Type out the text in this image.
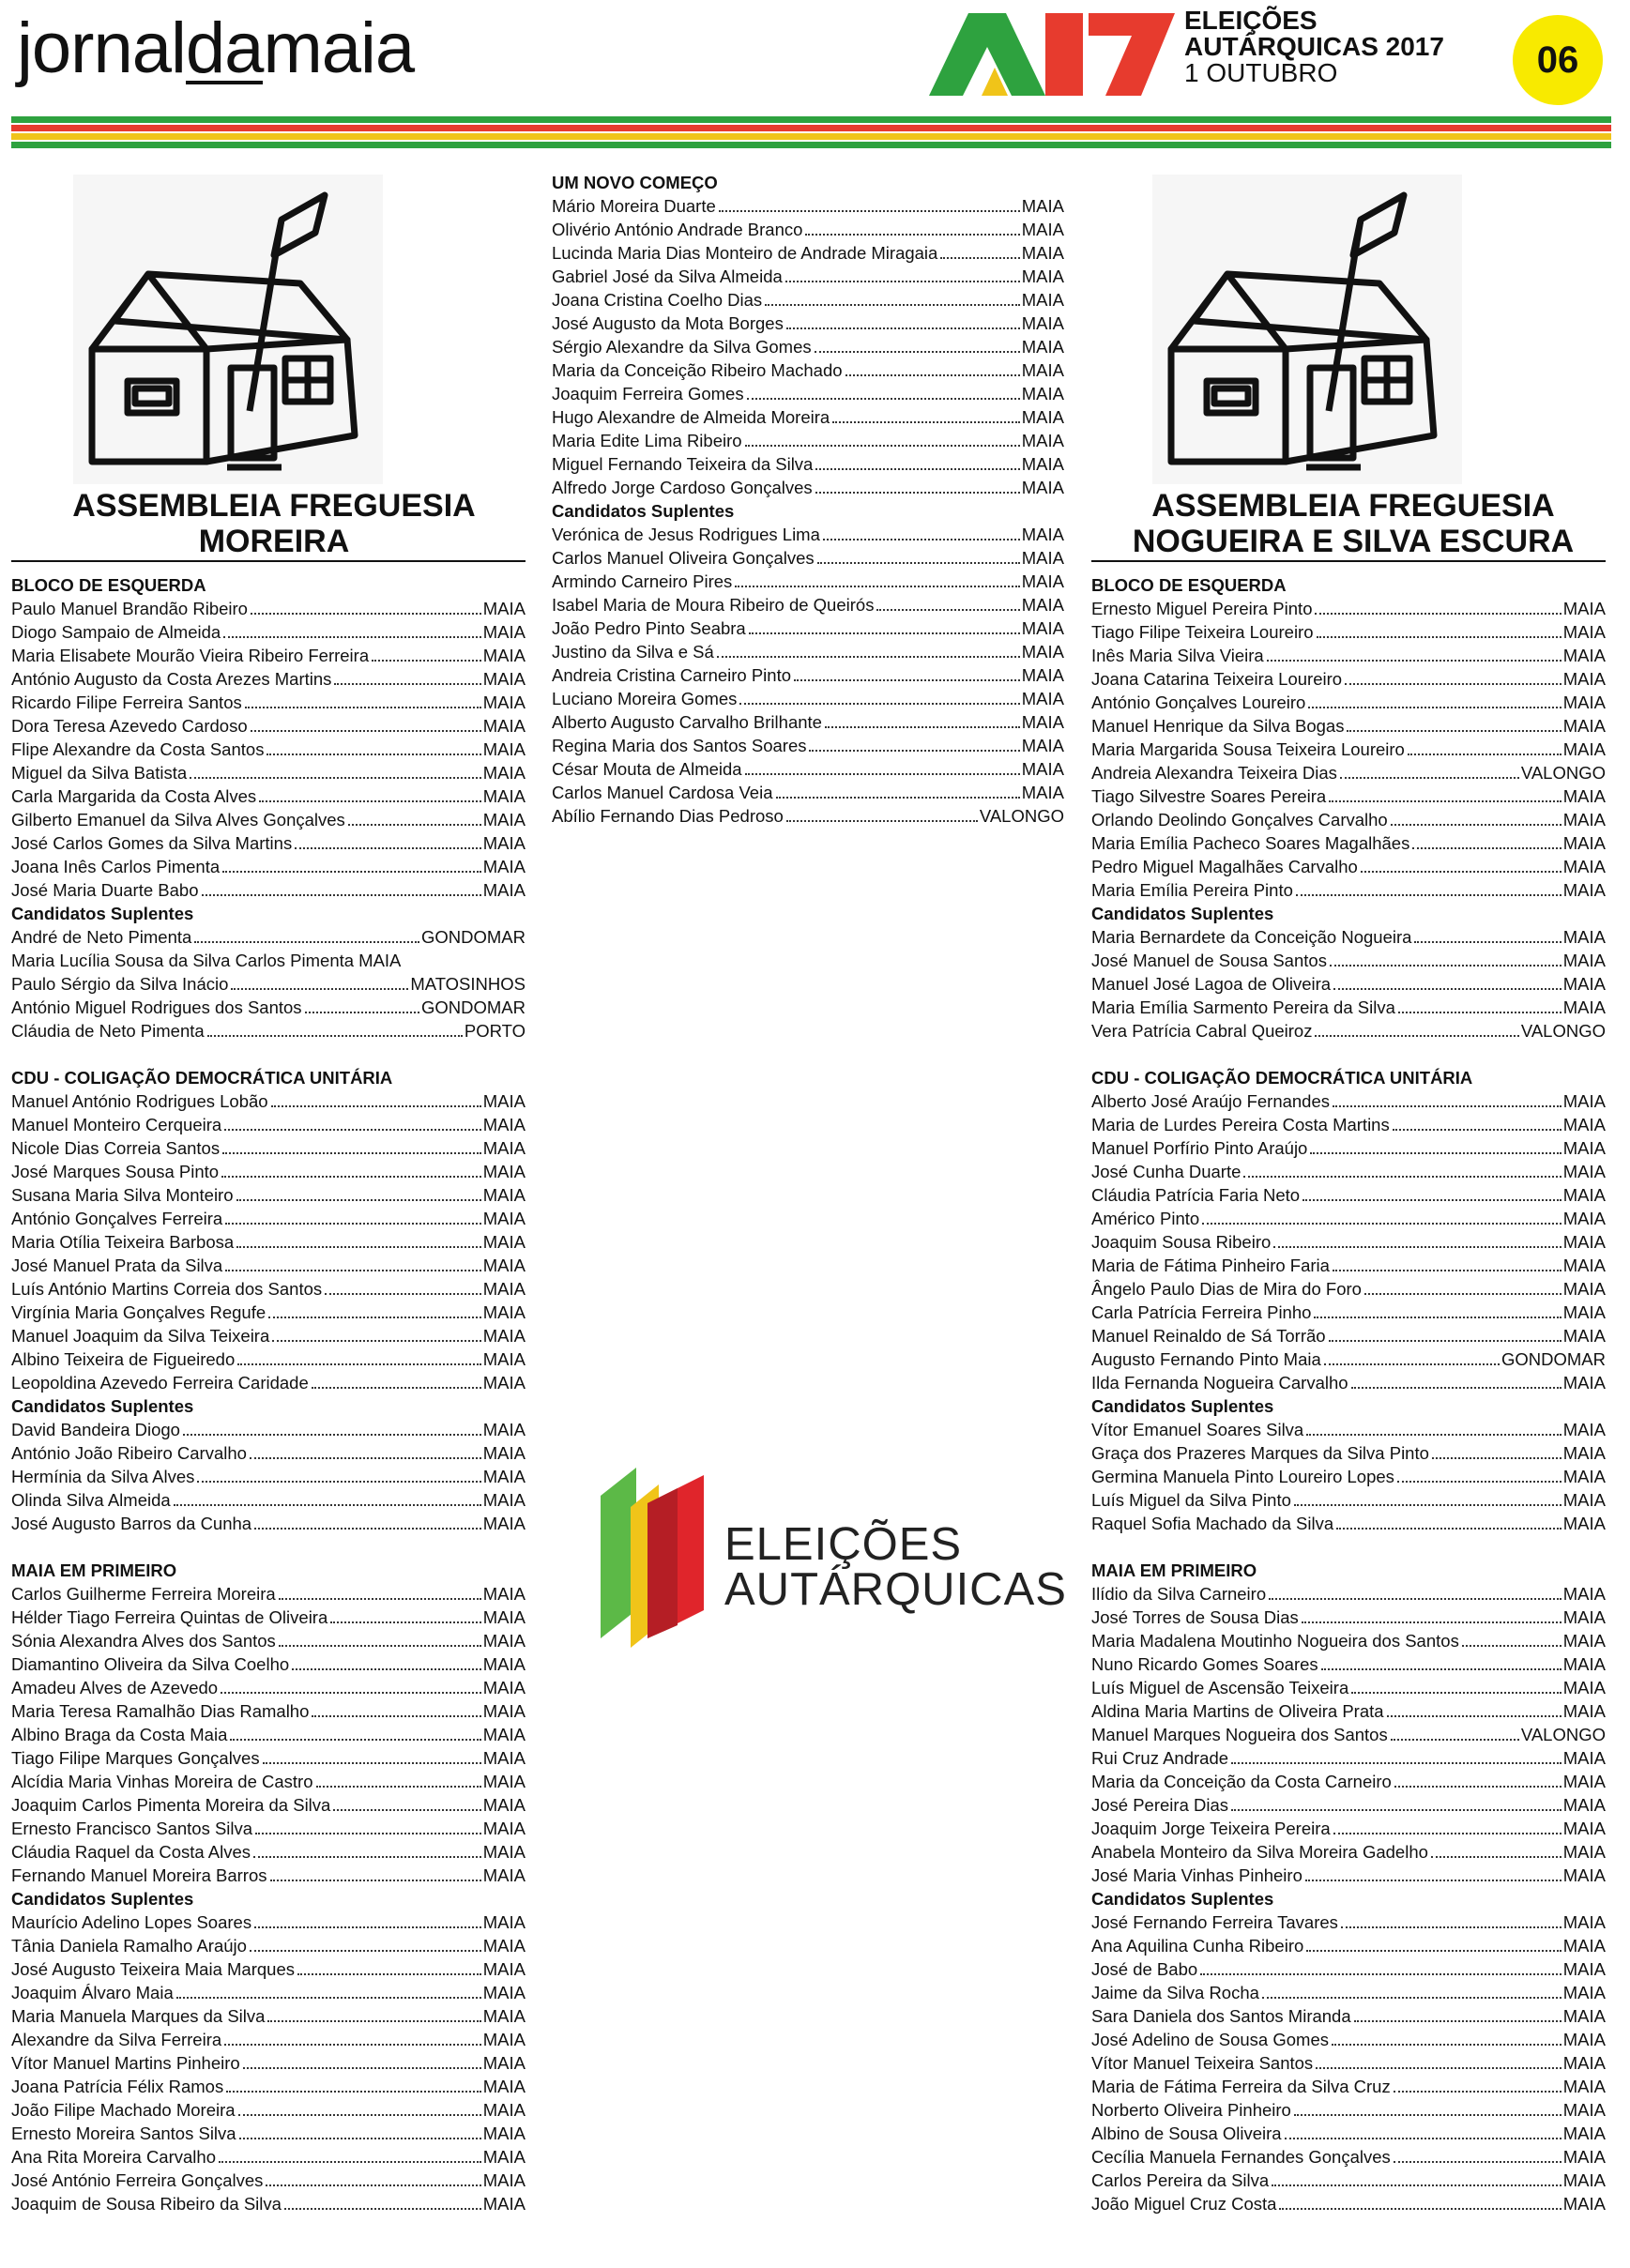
jornaldamaia	ELEIÇÕES
AUTÁRQUICAS 2017
1 OUTUBRO	06
ASSEMBLEIA FREGUESIA
MOREIRA
ASSEMBLEIA FREGUESIA
NOGUEIRA E SILVA ESCURA
BLOCO DE ESQUERDA
Paulo Manuel Brandão Ribeiro	MAIA
Diogo Sampaio de Almeida	MAIA
Maria Elisabete Mourão Vieira Ribeiro Ferreira	MAIA
António Augusto da Costa Arezes Martins	MAIA
Ricardo Filipe Ferreira Santos	MAIA
Dora Teresa Azevedo Cardoso	MAIA
Flipe Alexandre da Costa Santos	MAIA
Miguel da Silva Batista	MAIA
Carla Margarida da Costa Alves	MAIA
Gilberto Emanuel da Silva Alves Gonçalves	MAIA
José Carlos Gomes da Silva Martins	MAIA
Joana Inês Carlos Pimenta	MAIA
José Maria Duarte Babo	MAIA
Candidatos Suplentes
André de Neto Pimenta	GONDOMAR
Maria Lucília Sousa da Silva Carlos Pimenta MAIA
Paulo Sérgio da Silva Inácio	MATOSINHOS
António Miguel Rodrigues dos Santos	GONDOMAR
Cláudia de Neto Pimenta	PORTO
CDU - COLIGAÇÃO DEMOCRÁTICA UNITÁRIA
Manuel António Rodrigues Lobão	MAIA
Manuel Monteiro Cerqueira	MAIA
Nicole Dias Correia Santos	MAIA
José Marques Sousa Pinto	MAIA
Susana Maria Silva Monteiro	MAIA
António Gonçalves Ferreira	MAIA
Maria Otília Teixeira Barbosa	MAIA
José Manuel Prata da Silva	MAIA
Luís António Martins Correia dos Santos	MAIA
Virgínia Maria Gonçalves Regufe	MAIA
Manuel Joaquim da Silva Teixeira	MAIA
Albino Teixeira de Figueiredo	MAIA
Leopoldina Azevedo Ferreira Caridade	MAIA
Candidatos Suplentes
David Bandeira Diogo	MAIA
António João Ribeiro Carvalho	MAIA
Hermínia da Silva Alves	MAIA
Olinda Silva Almeida	MAIA
José Augusto Barros da Cunha	MAIA
MAIA EM PRIMEIRO
Carlos Guilherme Ferreira Moreira	MAIA
Hélder Tiago Ferreira Quintas de Oliveira	MAIA
Sónia Alexandra Alves dos Santos	MAIA
Diamantino Oliveira da Silva Coelho	MAIA
Amadeu Alves de Azevedo	MAIA
Maria Teresa Ramalhão Dias Ramalho	MAIA
Albino Braga da Costa Maia	MAIA
Tiago Filipe Marques Gonçalves	MAIA
Alcídia Maria Vinhas Moreira de Castro	MAIA
Joaquim Carlos Pimenta Moreira da Silva	MAIA
Ernesto Francisco Santos Silva	MAIA
Cláudia Raquel da Costa Alves	MAIA
Fernando Manuel Moreira Barros	MAIA
Candidatos Suplentes
Maurício Adelino Lopes Soares	MAIA
Tânia Daniela Ramalho Araújo	MAIA
José Augusto Teixeira Maia Marques	MAIA
Joaquim Álvaro Maia	MAIA
Maria Manuela Marques da Silva	MAIA
Alexandre da Silva Ferreira	MAIA
Vítor Manuel Martins Pinheiro	MAIA
Joana Patrícia Félix Ramos	MAIA
João Filipe Machado Moreira	MAIA
Ernesto Moreira Santos Silva	MAIA
Ana Rita Moreira Carvalho	MAIA
José António Ferreira Gonçalves	MAIA
Joaquim de Sousa Ribeiro da Silva	MAIA
UM NOVO COMEÇO
Mário Moreira Duarte	MAIA
Olivério António Andrade Branco	MAIA
Lucinda Maria Dias Monteiro de Andrade Miragaia	MAIA
Gabriel José da Silva Almeida	MAIA
Joana Cristina Coelho Dias	MAIA
José Augusto da Mota Borges	MAIA
Sérgio Alexandre da Silva Gomes	MAIA
Maria da Conceição Ribeiro Machado	MAIA
Joaquim Ferreira Gomes	MAIA
Hugo Alexandre de Almeida Moreira	MAIA
Maria Edite Lima Ribeiro	MAIA
Miguel Fernando Teixeira da Silva	MAIA
Alfredo Jorge Cardoso Gonçalves	MAIA
Candidatos Suplentes
Verónica de Jesus Rodrigues Lima	MAIA
Carlos Manuel Oliveira Gonçalves	MAIA
Armindo Carneiro Pires	MAIA
Isabel Maria de Moura Ribeiro de Queirós	MAIA
João Pedro Pinto Seabra	MAIA
Justino da Silva e Sá	MAIA
Andreia Cristina Carneiro Pinto	MAIA
Luciano Moreira Gomes	MAIA
Alberto Augusto Carvalho Brilhante	MAIA
Regina Maria dos Santos Soares	MAIA
César Mouta de Almeida	MAIA
Carlos Manuel Cardosa Veia	MAIA
Abílio Fernando Dias Pedroso	VALONGO
BLOCO DE ESQUERDA
Ernesto Miguel Pereira Pinto	MAIA
Tiago Filipe Teixeira Loureiro	MAIA
Inês Maria Silva Vieira	MAIA
Joana Catarina Teixeira Loureiro	MAIA
António Gonçalves Loureiro	MAIA
Manuel Henrique da Silva Bogas	MAIA
Maria Margarida Sousa Teixeira Loureiro	MAIA
Andreia Alexandra Teixeira Dias	VALONGO
Tiago Silvestre Soares Pereira	MAIA
Orlando Deolindo Gonçalves Carvalho	MAIA
Maria Emília Pacheco Soares Magalhães	MAIA
Pedro Miguel Magalhães Carvalho	MAIA
Maria Emília Pereira Pinto	MAIA
Candidatos Suplentes
Maria Bernardete da Conceição Nogueira	MAIA
José Manuel de Sousa Santos	MAIA
Manuel José Lagoa de Oliveira	MAIA
Maria Emília Sarmento Pereira da Silva	MAIA
Vera Patrícia Cabral Queiroz	VALONGO
CDU - COLIGAÇÃO DEMOCRÁTICA UNITÁRIA
Alberto José Araújo Fernandes	MAIA
Maria de Lurdes Pereira Costa Martins	MAIA
Manuel Porfírio Pinto Araújo	MAIA
José Cunha Duarte	MAIA
Cláudia Patrícia Faria Neto	MAIA
Américo Pinto	MAIA
Joaquim Sousa Ribeiro	MAIA
Maria de Fátima Pinheiro Faria	MAIA
Ângelo Paulo Dias de Mira do Foro	MAIA
Carla Patrícia Ferreira Pinho	MAIA
Manuel Reinaldo de Sá Torrão	MAIA
Augusto Fernando Pinto Maia	GONDOMAR
Ilda Fernanda Nogueira Carvalho	MAIA
Candidatos Suplentes
Vítor Emanuel Soares Silva	MAIA
Graça dos Prazeres Marques da Silva Pinto	MAIA
Germina Manuela Pinto Loureiro Lopes	MAIA
Luís Miguel da Silva Pinto	MAIA
Raquel Sofia Machado da Silva	MAIA
MAIA EM PRIMEIRO
Ilídio da Silva Carneiro	MAIA
José Torres de Sousa Dias	MAIA
Maria Madalena Moutinho Nogueira dos Santos	MAIA
Nuno Ricardo Gomes Soares	MAIA
Luís Miguel de Ascensão Teixeira	MAIA
Aldina Maria Martins de Oliveira Prata	MAIA
Manuel Marques Nogueira dos Santos	VALONGO
Rui Cruz Andrade	MAIA
Maria da Conceição da Costa Carneiro	MAIA
José Pereira Dias	MAIA
Joaquim Jorge Teixeira Pereira	MAIA
Anabela Monteiro da Silva Moreira Gadelho	MAIA
José Maria Vinhas Pinheiro	MAIA
Candidatos Suplentes
José Fernando Ferreira Tavares	MAIA
Ana Aquilina Cunha Ribeiro	MAIA
José de Babo	MAIA
Jaime da Silva Rocha	MAIA
Sara Daniela dos Santos Miranda	MAIA
José Adelino de Sousa Gomes	MAIA
Vítor Manuel Teixeira Santos	MAIA
Maria de Fátima Ferreira da Silva Cruz	MAIA
Norberto Oliveira Pinheiro	MAIA
Albino de Sousa Oliveira	MAIA
Cecília Manuela Fernandes Gonçalves	MAIA
Carlos Pereira da Silva	MAIA
João Miguel Cruz Costa	MAIA
ELEIÇÕES
AUTÁRQUICAS
